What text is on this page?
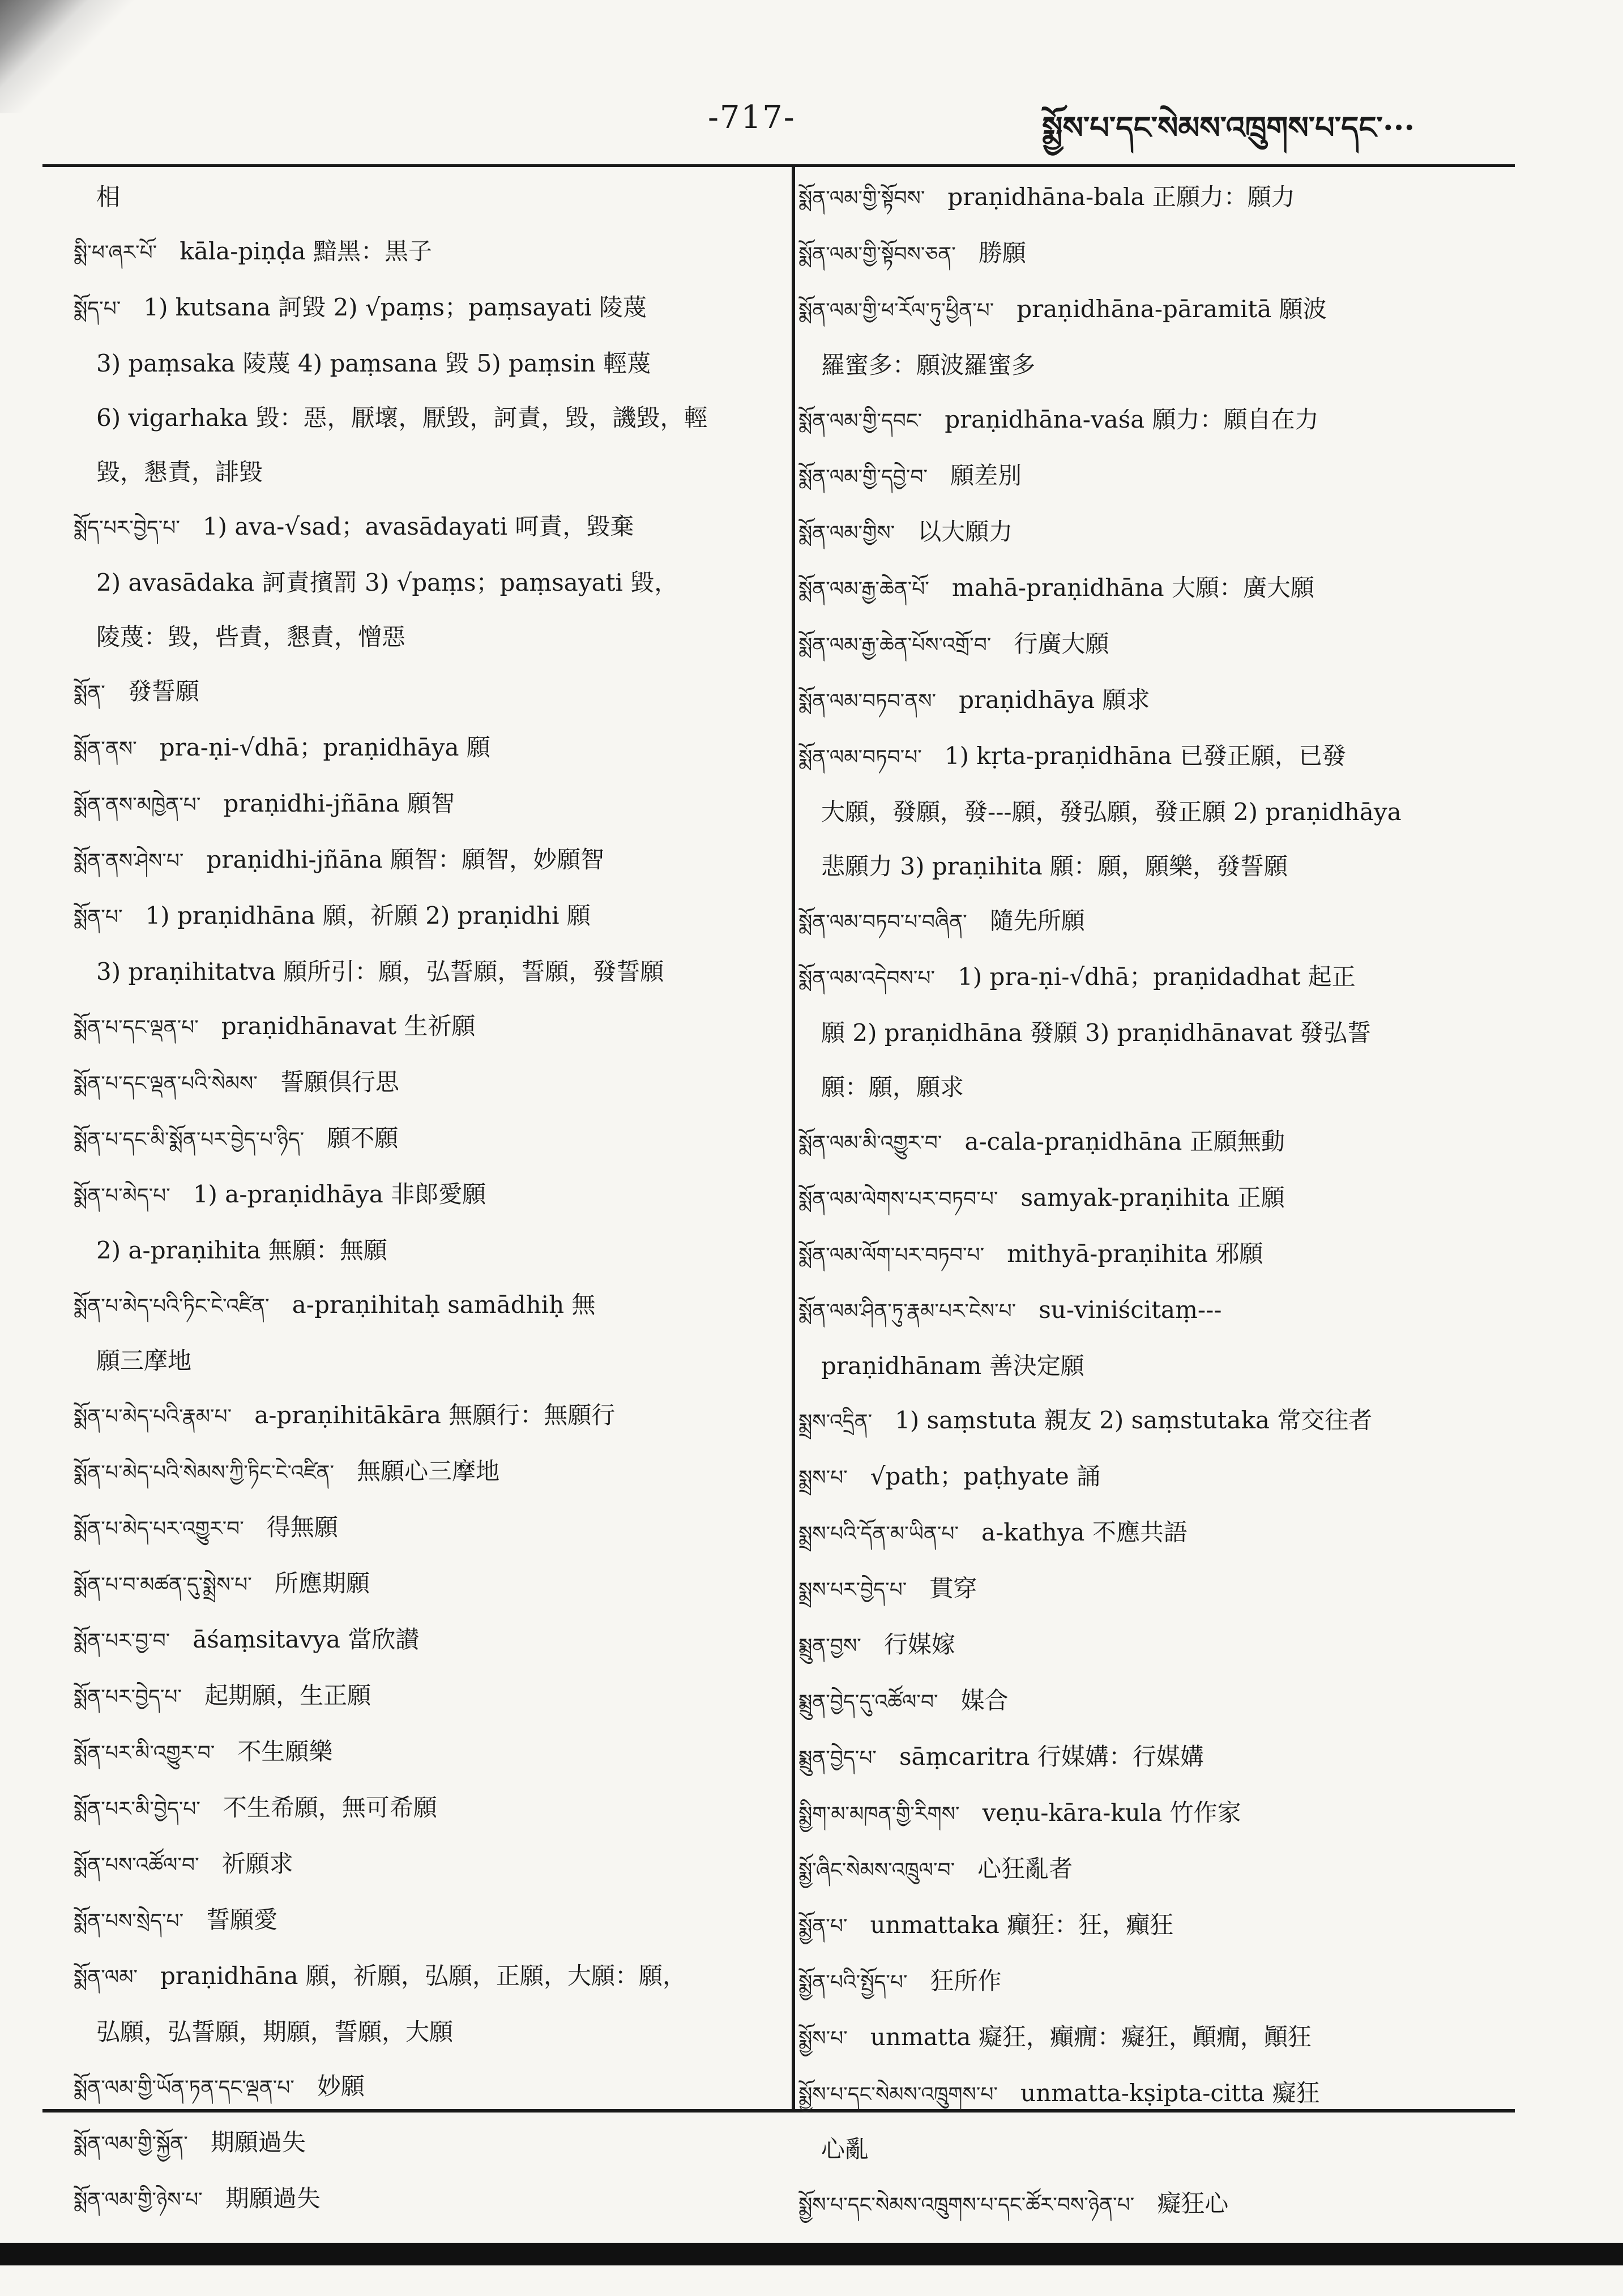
-717-	སྨྱོས་པ་དང་སེམས་འཁྲུགས་པ་དང་···
相
སྨི་ཕ་ཞར་པོ་ kāla-piṇḍa 黯黑：黒子
སྨོད་པ་ 1) kutsana 訶毀 2) √paṃs；paṃsayati 陵蔑
3) paṃsaka 陵蔑 4) paṃsana 毀 5) paṃsin 輕蔑
6) vigarhaka 毀：惡，厭壞，厭毀，訶責，毀，譏毀，輕
毀，懇責，誹毀
སྨོད་པར་བྱེད་པ་ 1) ava-√sad；avasādayati 呵責，毀棄
2) avasādaka 訶責擯罰 3) √paṃs；paṃsayati 毀，
陵蔑：毀，呰責，懇責，憎惡
སྨོན་ 發誓願
སྨོན་ནས་ pra-ṇi-√dhā；praṇidhāya 願
སྨོན་ནས་མཁྱེན་པ་ praṇidhi-jñāna 願智
སྨོན་ནས་ཤེས་པ་ praṇidhi-jñāna 願智：願智，妙願智
སྨོན་པ་ 1) praṇidhāna 願，祈願 2) praṇidhi 願
3) praṇihitatva 願所引：願，弘誓願，誓願，發誓願
སྨོན་པ་དང་ལྡན་པ་ praṇidhānavat 生祈願
སྨོན་པ་དང་ལྡན་པའི་སེམས་ 誓願倶行思
སྨོན་པ་དང་མི་སྨོན་པར་བྱེད་པ་ཉིད་ 願不願
སྨོན་པ་མེད་པ་ 1) a-praṇidhāya 非郞愛願
2) a-praṇihita 無願：無願
སྨོན་པ་མེད་པའི་ཏིང་ངེ་འཛིན་ a-praṇihitaḥ samādhiḥ 無
願三摩地
སྨོན་པ་མེད་པའི་རྣམ་པ་ a-praṇihitākāra 無願行：無願行
སྨོན་པ་མེད་པའི་སེམས་ཀྱི་ཏིང་ངེ་འཛིན་ 無願心三摩地
སྨོན་པ་མེད་པར་འགྱུར་བ་ 得無願
སྨོན་པ་བ་མཚན་དུ་སྨྲེས་པ་ 所應期願
སྨོན་པར་བྱ་བ་ āśaṃsitavya 當欣讃
སྨོན་པར་བྱེད་པ་ 起期願，生正願
སྨོན་པར་མི་འགྱུར་བ་ 不生願樂
སྨོན་པར་མི་བྱེད་པ་ 不生希願，無可希願
སྨོན་པས་འཚོལ་བ་ 祈願求
སྨོན་པས་སྲེད་པ་ 誓願愛
སྨོན་ལམ་ praṇidhāna 願，祈願，弘願，正願，大願：願，
弘願，弘誓願，期願，誓願，大願
སྨོན་ལམ་གྱི་ཡོན་ཏན་དང་ལྡན་པ་ 妙願
སྨོན་ལམ་གྱི་སྐྱོན་ 期願過失
སྨོན་ལམ་གྱི་ཉེས་པ་ 期願過失
སྨོན་ལམ་གྱི་སྟོབས་ praṇidhāna-bala 正願力：願力
སྨོན་ལམ་གྱི་སྟོབས་ཅན་ 勝願
སྨོན་ལམ་གྱི་ཕ་རོལ་ཏུ་ཕྱིན་པ་ praṇidhāna-pāramitā 願波
羅蜜多：願波羅蜜多
སྨོན་ལམ་གྱི་དབང་ praṇidhāna-vaśa 願力：願自在力
སྨོན་ལམ་གྱི་དབྱེ་བ་ 願差別
སྨོན་ལམ་གྱིས་ 以大願力
སྨོན་ལམ་རྒྱ་ཆེན་པོ་ mahā-praṇidhāna 大願：廣大願
སྨོན་ལམ་རྒྱ་ཆེན་པོས་འགྲོ་བ་ 行廣大願
སྨོན་ལམ་བཏབ་ནས་ praṇidhāya 願求
སྨོན་ལམ་བཏབ་པ་ 1) kṛta-praṇidhāna 已發正願，已發
大願，發願，發---願，發弘願，發正願 2) praṇidhāya
悲願力 3) praṇihita 願：願，願樂，發誓願
སྨོན་ལམ་བཏབ་པ་བཞིན་ 隨先所願
སྨོན་ལམ་འདེབས་པ་ 1) pra-ṇi-√dhā；praṇidadhat 起正
願 2) praṇidhāna 發願 3) praṇidhānavat 發弘誓
願：願，願求
སྨོན་ལམ་མི་འགྱུར་བ་ a-cala-praṇidhāna 正願無動
སྨོན་ལམ་ལེགས་པར་བཏབ་པ་ samyak-praṇihita 正願
སྨོན་ལམ་ལོག་པར་བཏབ་པ་ mithyā-praṇihita 邪願
སྨོན་ལམ་ཤིན་ཏུ་རྣམ་པར་ངེས་པ་ su-viniścitaṃ---
praṇidhānam 善決定願
སྨྲས་འདྲིན་ 1) saṃstuta 親友 2) saṃstutaka 常交往者
སྨྲས་པ་ √path；paṭhyate 誦
སྨྲས་པའི་དོན་མ་ཡིན་པ་ a-kathya 不應共語
སྨྲས་པར་བྱེད་པ་ 貫穿
སྨྲུན་བྱས་ 行媒嫁
སྨྲུན་བྱེད་དུ་འཚོལ་བ་ 媒合
སྨྲུན་བྱེད་པ་ sāṃcaritra 行媒媾：行媒媾
སྨྱིག་མ་མཁན་གྱི་རིགས་ veṇu-kāra-kula 竹作家
སྨྱོ་ཞིང་སེམས་འཁྲུལ་བ་ 心狂亂者
སྨྱོན་པ་ unmattaka 癲狂：狂，癲狂
སྨྱོན་པའི་སྤྱོད་པ་ 狂所作
སྨྱོས་པ་ unmatta 癡狂，癲癇：癡狂，顚癇，顚狂
སྨྱོས་པ་དང་སེམས་འཁྲུགས་པ་ unmatta-kṣipta-citta 癡狂
心亂
སྨྱོས་པ་དང་སེམས་འཁྲུགས་པ་དང་ཚོར་བས་ཉེན་པ་ 癡狂心
